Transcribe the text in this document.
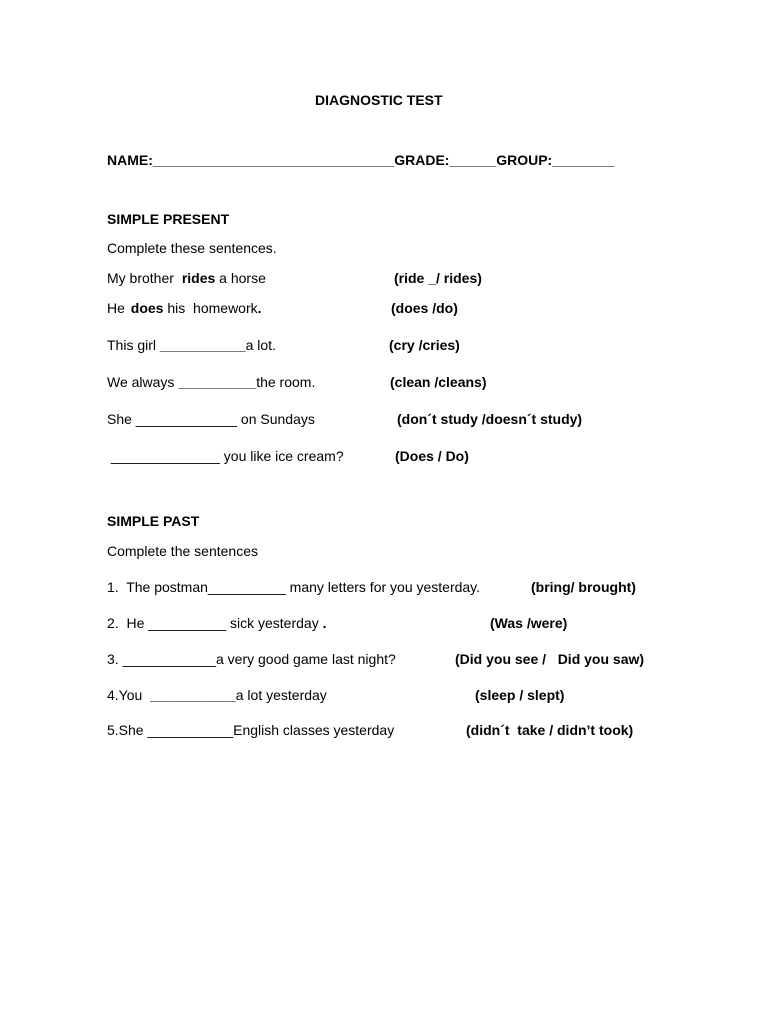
DIAGNOSTIC TEST
NAME:_______________________________GRADE:______GROUP:________
SIMPLE PRESENT
Complete these sentences.
My brother rides a horse	(ride _/ rides)
He does his  homework.	(does /do)
This girl ___________a lot.	(cry /cries)
We always __________the room.	(clean /cleans)
She _____________ on Sundays	(don´t study /doesn´t study)
______________ you like ice cream?	(Does / Do)
SIMPLE PAST
Complete the sentences
1.  The postman__________ many letters for you yesterday.	(bring/ brought)
2.  He __________ sick yesterday .	(Was /were)
3. ____________a very good game last night?	(Did you see /   Did you saw)
4.You  ___________a lot yesterday	(sleep / slept)
5.She ___________English classes yesterday	(didn´t  take / didn’t took)
